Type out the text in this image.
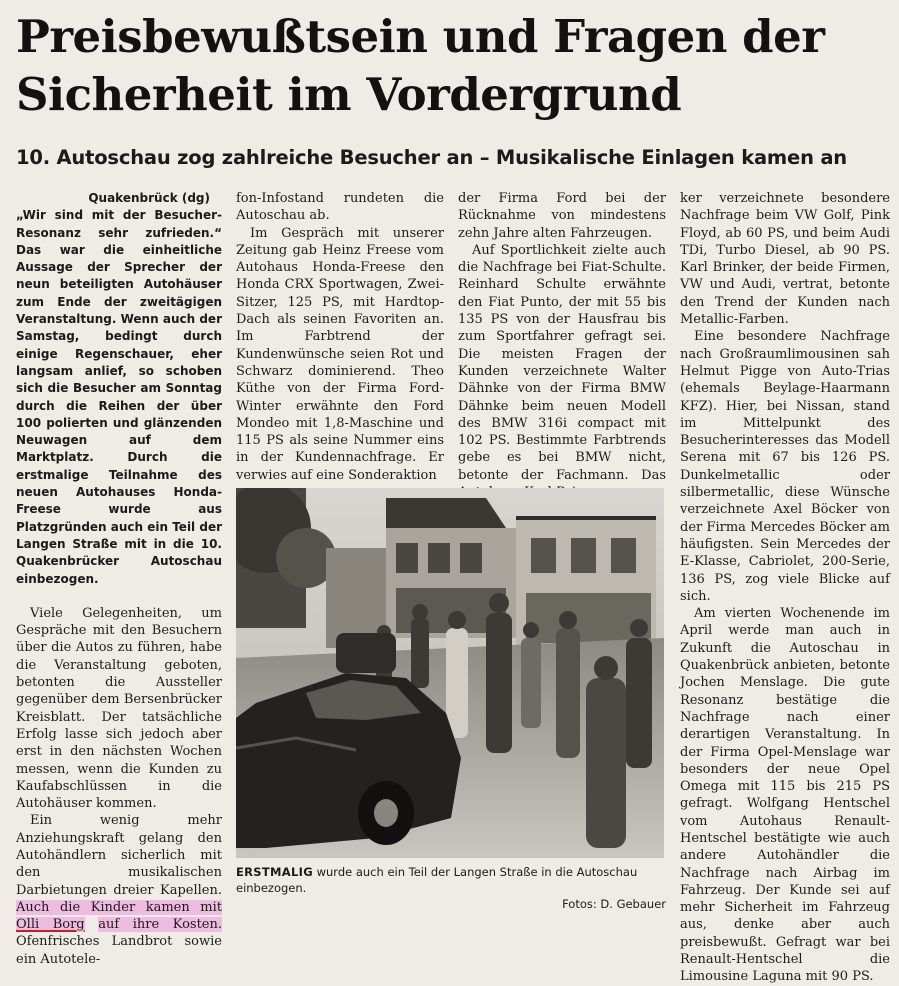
Preisbewußtsein und Fragen der
Sicherheit im Vordergrund
10. Autoschau zog zahlreiche Besucher an – Musikalische Einlagen kamen an

Quakenbrück (dg)
„Wir sind mit der Besucher-Resonanz sehr zufrieden.“ Das war die einheitliche Aussage der Sprecher der neun beteiligten Autohäuser zum Ende der zweitägigen Veranstaltung. Wenn auch der Samstag, bedingt durch einige Regenschauer, eher langsam anlief, so schoben sich die Besucher am Sonntag durch die Reihen der über 100 polierten und glänzenden Neuwagen auf dem Marktplatz. Durch die erstmalige Teilnahme des neuen Autohauses Honda-Freese wurde aus Platzgründen auch ein Teil der Langen Straße mit in die 10. Quakenbrücker Autoschau einbezogen.

Viele Gelegenheiten, um Gespräche mit den Besuchern über die Autos zu führen, habe die Veranstaltung geboten, betonten die Aussteller gegenüber dem Bersenbrücker Kreisblatt. Der tatsächliche Erfolg lasse sich jedoch aber erst in den nächsten Wochen messen, wenn die Kunden zu Kaufabschlüssen in die Autohäuser kommen.

Ein wenig mehr Anziehungskraft gelang den Autohändlern sicherlich mit den musikalischen Darbietungen dreier Kapellen. Auch die Kinder kamen mit Olli Borg auf ihre Kosten. Ofenfrisches Landbrot sowie ein Autotele-

fon-Infostand rundeten die Autoschau ab.

Im Gespräch mit unserer Zeitung gab Heinz Freese vom Autohaus Honda-Freese den Honda CRX Sportwagen, Zwei-Sitzer, 125 PS, mit Hardtop-Dach als seinen Favoriten an. Im Farbtrend der Kundenwünsche seien Rot und Schwarz dominierend. Theo Küthe von der Firma Ford-Winter erwähnte den Ford Mondeo mit 1,8-Maschine und 115 PS als seine Nummer eins in der Kundennachfrage. Er verwies auf eine Sonderaktion

der Firma Ford bei der Rücknahme von mindestens zehn Jahre alten Fahrzeugen.

Auf Sportlichkeit zielte auch die Nachfrage bei Fiat-Schulte. Reinhard Schulte erwähnte den Fiat Punto, der mit 55 bis 135 PS von der Hausfrau bis zum Sportfahrer gefragt sei. Die meisten Fragen der Kunden verzeichnete Walter Dähnke von der Firma BMW Dähnke beim neuen Modell des BMW 316i compact mit 102 PS. Bestimmte Farbtrends gebe es bei BMW nicht, betonte der Fachmann. Das

ker verzeichnete besondere Nachfrage beim VW Golf, Pink Floyd, ab 60 PS, und beim Audi TDi, Turbo Diesel, ab 90 PS. Karl Brinker, der beide Firmen, VW und Audi, vertrat, betonte den Trend der Kunden nach Metallic-Farben.

Eine besondere Nachfrage nach Großraumlimousinen sah Helmut Pigge von Auto-Trias (ehemals Beylage-Haarmann KFZ). Hier, bei Nissan, stand im Mittelpunkt des Besucherinteresses das Modell Serena mit 67 bis 126 PS. Dunkelmetallic oder silbermetallic, diese Wünsche verzeichnete Axel Böcker von der Firma Mercedes Böcker am häufigsten. Sein Mercedes der E-Klasse, Cabriolet, 200-Serie, 136 PS, zog viele Blicke auf sich.

Am vierten Wochenende im April werde man auch in Zukunft die Autoschau in Quakenbrück anbieten, betonte Jochen Menslage. Die gute Resonanz bestätige die Nachfrage nach einer derartigen Veranstaltung. In der Firma Opel-Menslage war besonders der neue Opel Omega mit 115 bis 215 PS gefragt. Wolfgang Hentschel vom Autohaus Renault-Hentschel bestätigte wie auch andere Autohändler die Nachfrage nach Airbag im Fahrzeug. Der Kunde sei auf mehr Sicherheit im Fahrzeug aus, denke aber auch preisbewußt. Gefragt war bei Renault-Hentschel die Limousine Laguna mit 90 PS.

ERSTMALIG wurde auch ein Teil der Langen Straße in die Autoschau einbezogen.
Fotos: D. Gebauer
